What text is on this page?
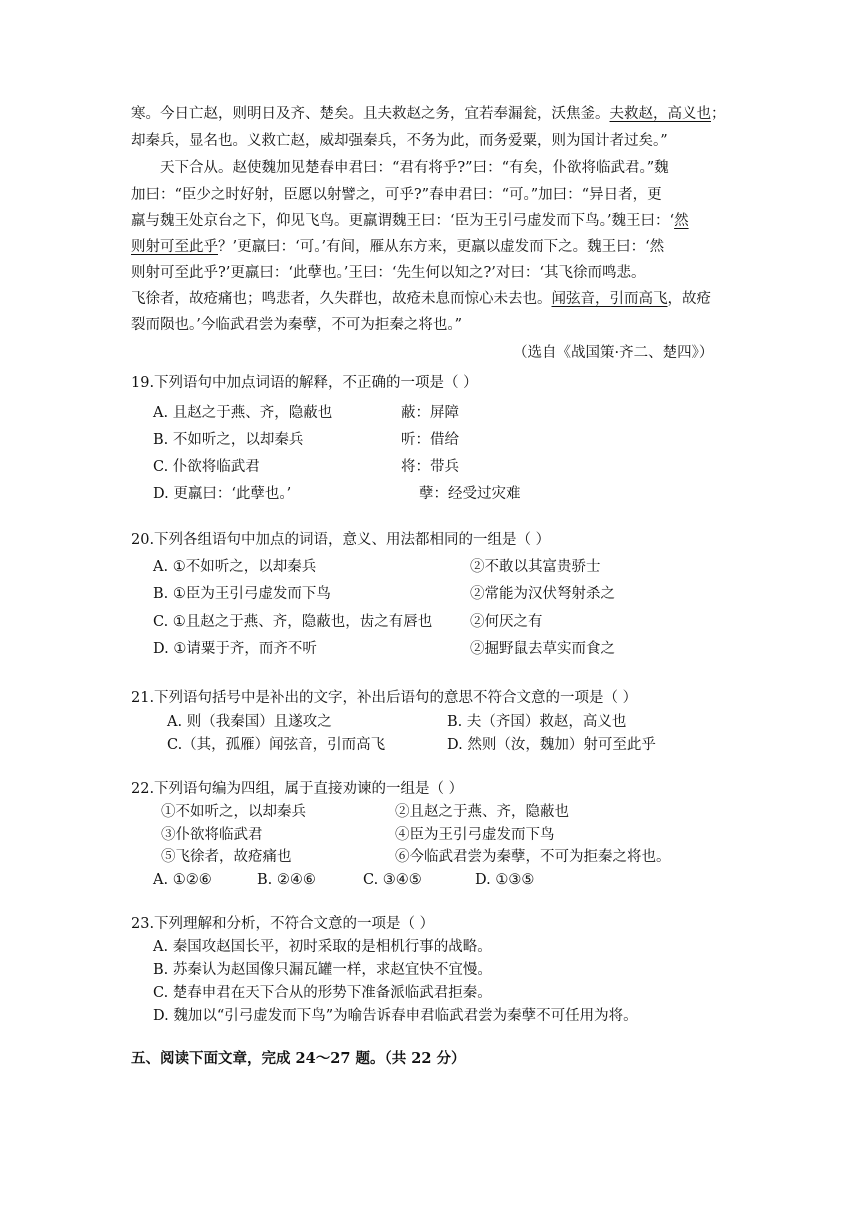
寒。今日亡赵，则明日及齐、楚矣。且夫救赵之务，宜若奉漏瓮，沃焦釜。夫救赵，高义也；
却秦兵，显名也。义救亡赵，威却强秦兵，不务为此，而务爱粟，则为国计者过矣。”
天下合从。赵使魏加见楚春申君曰：“君有将乎?”曰：“有矣，仆欲将临武君。”魏
加曰：“臣少之时好射，臣愿以射譬之，可乎?”春申君曰：“可。”加曰：“异日者，更
羸与魏王处京台之下，仰见飞鸟。更羸谓魏王曰：‘臣为王引弓虚发而下鸟。’魏王曰：‘然
则射可至此乎？’更羸曰：‘可。’有间，雁从东方来，更羸以虚发而下之。魏王曰：‘然
则射可至此乎?’更羸曰：‘此孽也。’王曰：‘先生何以知之?’对曰：‘其飞徐而鸣悲。
飞徐者，故疮痛也；鸣悲者，久失群也，故疮未息而惊心未去也。闻弦音，引而高飞，故疮
裂而陨也。’今临武君尝为秦孽，不可为拒秦之将也。”
（选自《战国策·齐二、楚四》）
19.下列语句中加点词语的解释，不正确的一项是（ ）
A. 且赵之于燕、齐，隐蔽也	蔽：屏障
B. 不如听之，以却秦兵	听：借给
C. 仆欲将临武君	将：带兵
D. 更羸曰：‘此孽也。’	孽：经受过灾难
20.下列各组语句中加点的词语，意义、用法都相同的一组是（ ）
A. ①不如听之，以却秦兵	②不敢以其富贵骄士
B. ①臣为王引弓虚发而下鸟	②常能为汉伏弩射杀之
C. ①且赵之于燕、齐，隐蔽也，齿之有唇也	②何厌之有
D. ①请粟于齐，而齐不听	②掘野鼠去草实而食之
21.下列语句括号中是补出的文字，补出后语句的意思不符合文意的一项是（ ）
A. 则（我秦国）且遂攻之	B. 夫（齐国）救赵，高义也
C.（其，孤雁）闻弦音，引而高飞	D. 然则（汝，魏加）射可至此乎
22.下列语句编为四组，属于直接劝谏的一组是（ ）
①不如听之，以却秦兵	②且赵之于燕、齐，隐蔽也
③仆欲将临武君	④臣为王引弓虚发而下鸟
⑤飞徐者，故疮痛也	⑥今临武君尝为秦孽，不可为拒秦之将也。
A. ①②⑥	B. ②④⑥	C. ③④⑤	D. ①③⑤
23.下列理解和分析，不符合文意的一项是（ ）
A. 秦国攻赵国长平，初时采取的是相机行事的战略。
B. 苏秦认为赵国像只漏瓦罐一样，求赵宜快不宜慢。
C. 楚春申君在天下合从的形势下准备派临武君拒秦。
D. 魏加以“引弓虚发而下鸟”为喻告诉春申君临武君尝为秦孽不可任用为将。
五、阅读下面文章，完成 24～27 题。（共 22 分）
